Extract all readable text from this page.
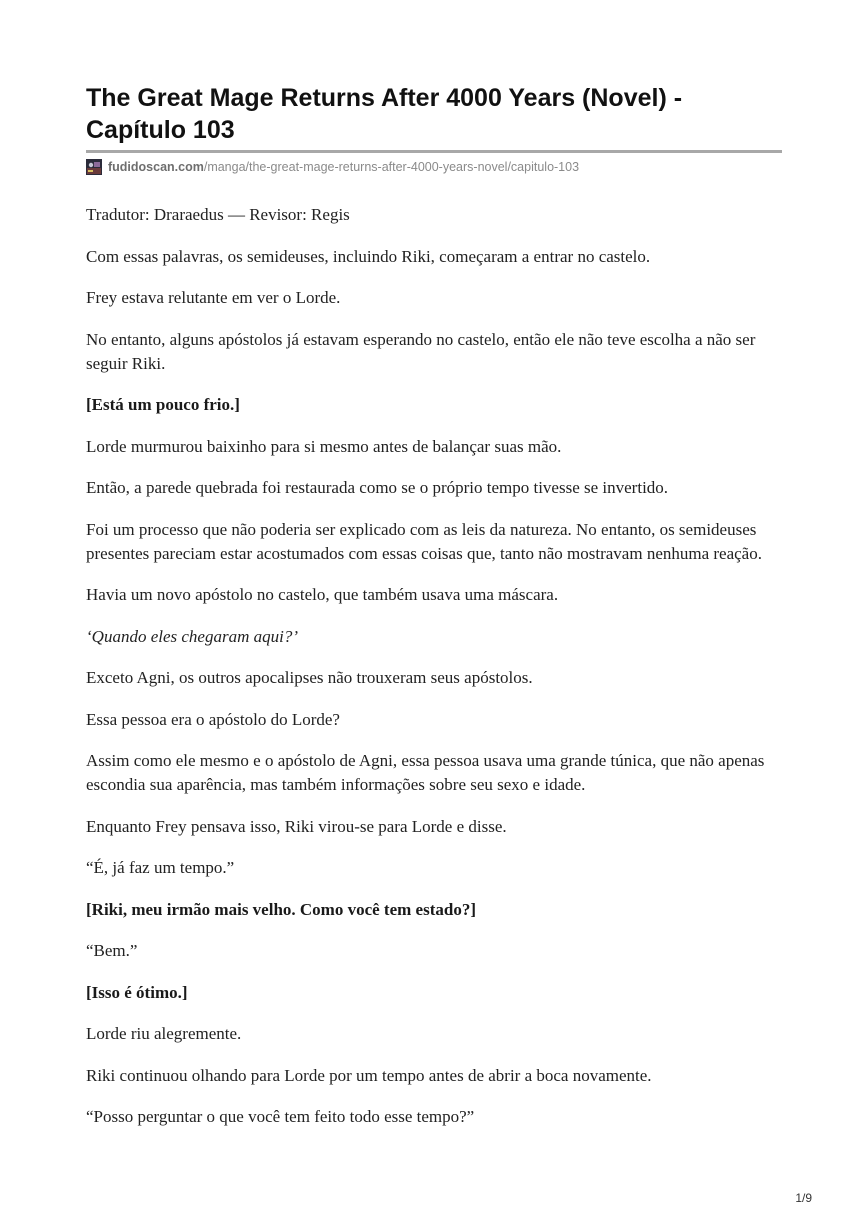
The Great Mage Returns After 4000 Years (Novel) - Capítulo 103
fudidoscan.com /manga/the-great-mage-returns-after-4000-years-novel/capitulo-103

Tradutor: Draraedus — Revisor: Regis

Com essas palavras, os semideuses, incluindo Riki, começaram a entrar no castelo.

Frey estava relutante em ver o Lorde.

No entanto, alguns apóstolos já estavam esperando no castelo, então ele não teve escolha a não ser seguir Riki.

[Está um pouco frio.]

Lorde murmurou baixinho para si mesmo antes de balançar suas mão.

Então, a parede quebrada foi restaurada como se o próprio tempo tivesse se invertido.

Foi um processo que não poderia ser explicado com as leis da natureza. No entanto, os semideuses presentes pareciam estar acostumados com essas coisas que, tanto não mostravam nenhuma reação.

Havia um novo apóstolo no castelo, que também usava uma máscara.

‘Quando eles chegaram aqui?’

Exceto Agni, os outros apocalipses não trouxeram seus apóstolos.

Essa pessoa era o apóstolo do Lorde?

Assim como ele mesmo e o apóstolo de Agni, essa pessoa usava uma grande túnica, que não apenas escondia sua aparência, mas também informações sobre seu sexo e idade.

Enquanto Frey pensava isso, Riki virou-se para Lorde e disse.

“É, já faz um tempo.”

[Riki, meu irmão mais velho. Como você tem estado?]

“Bem.”

[Isso é ótimo.]

Lorde riu alegremente.

Riki continuou olhando para Lorde por um tempo antes de abrir a boca novamente.

“Posso perguntar o que você tem feito todo esse tempo?”

1/9
